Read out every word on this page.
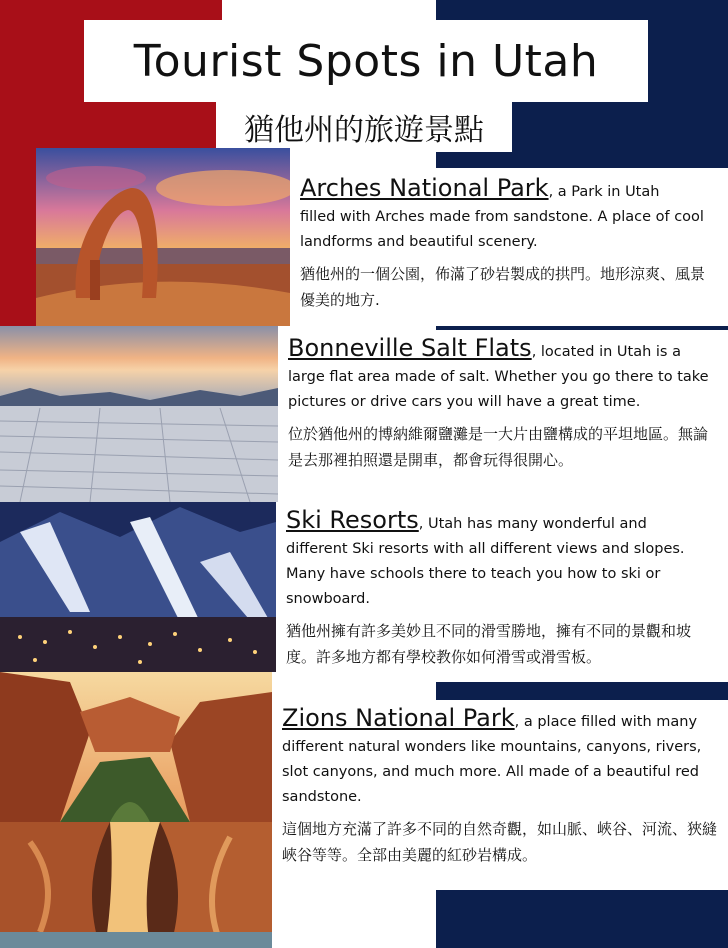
Tourist Spots in Utah
猶他州的旅遊景點
Arches National Park, a Park in Utah
filled with Arches made from sandstone. A place of cool landforms and beautiful scenery.
猶他州的一個公園，佈滿了砂岩製成的拱門。地形涼爽、風景優美的地方.
Bonneville Salt Flats, located in Utah is a
large flat area made of salt. Whether you go there to take pictures or drive cars you will have a great time.
位於猶他州的博納維爾鹽灘是一大片由鹽構成的平坦地區。無論是去那裡拍照還是開車，都會玩得很開心。
Ski Resorts, Utah has many wonderful and
different Ski resorts with all different views and slopes. Many have schools there to teach you how to ski or snowboard.
猶他州擁有許多美妙且不同的滑雪勝地，擁有不同的景觀和坡度。許多地方都有學校教你如何滑雪或滑雪板。
Zions National Park, a place filled with many
different natural wonders like mountains, canyons, rivers, slot canyons, and much more. All made of a beautiful red sandstone.
這個地方充滿了許多不同的自然奇觀，如山脈、峽谷、河流、狹縫峽谷等等。全部由美麗的紅砂岩構成。
